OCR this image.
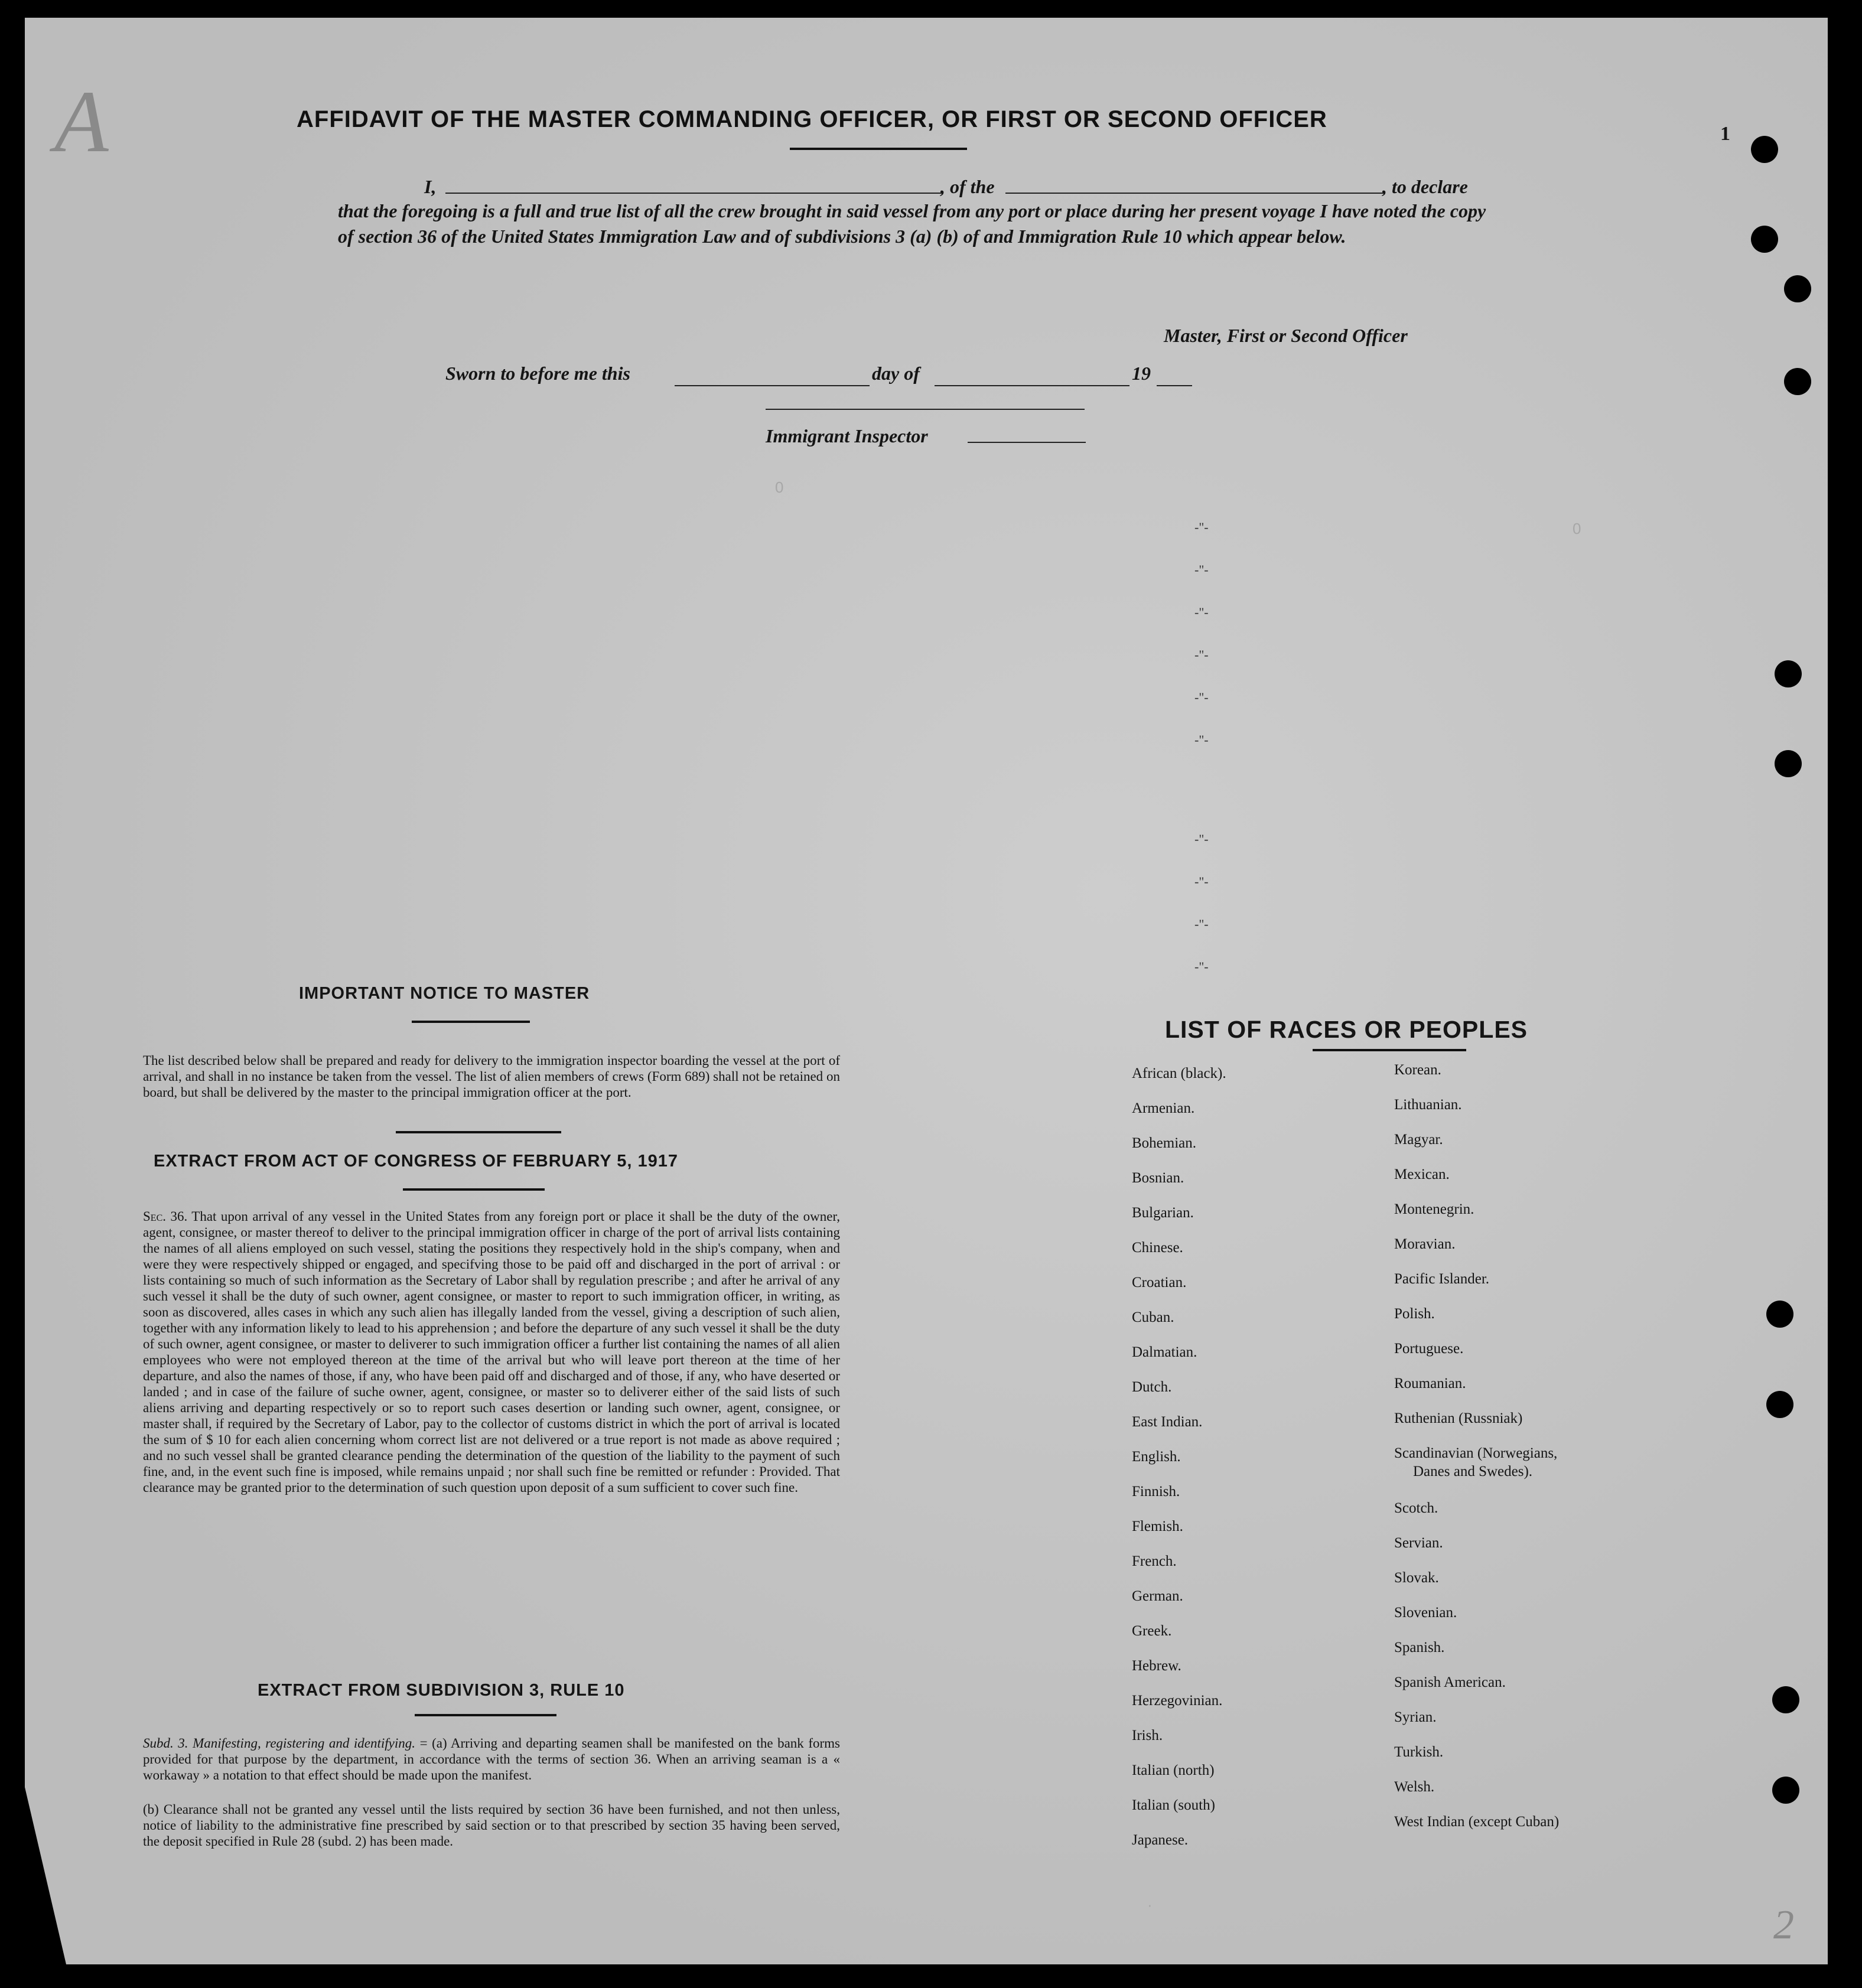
0
0
·
A
2
AFFIDAVIT OF THE MASTER COMMANDING OFFICER, OR FIRST OR SECOND OFFICER
1
I,	, of the	, to declare
that the foregoing is a full and true list of all the crew brought in said vessel from any port or place during her present voyage I have noted the copy of section 36 of the United States Immigration Law and of subdivisions 3 (a) (b) of and Immigration Rule 10 which appear below.
Master, First or Second Officer
Sworn to before me this	day of	19
Immigrant Inspector
-"-
-"-
-"-
-"-
-"-
-"-
-"-
-"-
-"-
-"-
IMPORTANT NOTICE TO MASTER
The list described below shall be prepared and ready for delivery to the immigration inspector boarding the vessel at the port of arrival, and shall in no instance be taken from the vessel. The list of alien members of crews (Form 689) shall not be retained on board, but shall be delivered by the master to the principal immigration officer at the port.
EXTRACT FROM ACT OF CONGRESS OF FEBRUARY 5, 1917
Sec. 36. That upon arrival of any vessel in the United States from any foreign port or place it shall be the duty of the owner, agent, consignee, or master thereof to deliver to the principal immigration officer in charge of the port of arrival lists containing the names of all aliens employed on such vessel, stating the positions they respectively hold in the ship's company, when and were they were respectively shipped or engaged, and specifving those to be paid off and discharged in the port of arrival : or lists containing so much of such information as the Secretary of Labor shall by regulation prescribe ; and after he arrival of any such vessel it shall be the duty of such owner, agent consignee, or master to report to such immigration officer, in writing, as soon as discovered, alles cases in which any such alien has illegally landed from the vessel, giving a description of such alien, together with any information likely to lead to his apprehension ; and before the departure of any such vessel it shall be the duty of such owner, agent consignee, or master to deliverer to such immigration officer a further list containing the names of all alien employees who were not employed thereon at the time of the arrival but who will leave port thereon at the time of her departure, and also the names of those, if any, who have been paid off and discharged and of those, if any, who have deserted or landed ; and in case of the failure of suche owner, agent, consignee, or master so to deliverer either of the said lists of such aliens arriving and departing respectively or so to report such cases desertion or landing such owner, agent, consignee, or master shall, if required by the Secretary of Labor, pay to the collector of customs district in which the port of arrival is located the sum of $ 10 for each alien concerning whom correct list are not delivered or a true report is not made as above required ; and no such vessel shall be granted clearance pending the determination of the question of the liability to the payment of such fine, and, in the event such fine is imposed, while remains unpaid ; nor shall such fine be remitted or refunder : Provided. That clearance may be granted prior to the determination of such question upon deposit of a sum sufficient to cover such fine.
EXTRACT FROM SUBDIVISION 3, RULE 10
Subd. 3. Manifesting, registering and identifying. = (a) Arriving and departing seamen shall be manifested on the bank forms provided for that purpose by the department, in accordance with the terms of section 36. When an arriving seaman is a « workaway » a notation to that effect should be made upon the manifest.
(b) Clearance shall not be granted any vessel until the lists required by section 36 have been furnished, and not then unless, notice of liability to the administrative fine prescribed by said section or to that prescribed by section 35 having been served, the deposit specified in Rule 28 (subd. 2) has been made.
LIST OF RACES OR PEOPLES
African (black).
Armenian.
Bohemian.
Bosnian.
Bulgarian.
Chinese.
Croatian.
Cuban.
Dalmatian.
Dutch.
East Indian.
English.
Finnish.
Flemish.
French.
German.
Greek.
Hebrew.
Herzegovinian.
Irish.
Italian (north)
Italian (south)
Japanese.
Korean.
Lithuanian.
Magyar.
Mexican.
Montenegrin.
Moravian.
Pacific Islander.
Polish.
Portuguese.
Roumanian.
Ruthenian (Russniak)
Scandinavian (Norwegians,
Danes and Swedes).
Scotch.
Servian.
Slovak.
Slovenian.
Spanish.
Spanish American.
Syrian.
Turkish.
Welsh.
West Indian (except Cuban)
